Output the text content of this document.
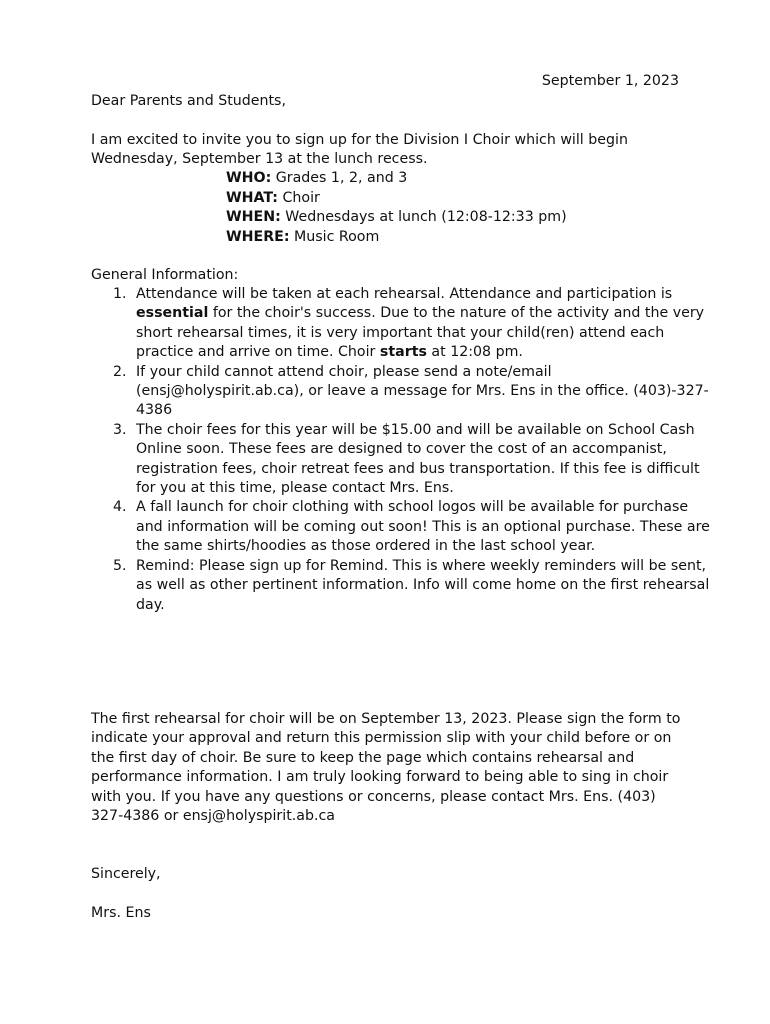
September 1, 2023
Dear Parents and Students,
I am excited to invite you to sign up for the Division I Choir which will begin Wednesday, September 13 at the lunch recess.
WHO: Grades 1, 2, and 3
WHAT: Choir
WHEN: Wednesdays at lunch (12:08-12:33 pm)
WHERE: Music Room
General Information:
1. Attendance will be taken at each rehearsal. Attendance and participation is essential for the choir's success. Due to the nature of the activity and the very short rehearsal times, it is very important that your child(ren) attend each practice and arrive on time. Choir starts at 12:08 pm.
2. If your child cannot attend choir, please send a note/email (ensj@holyspirit.ab.ca), or leave a message for Mrs. Ens in the office. (403)-327-4386
3. The choir fees for this year will be $15.00 and will be available on School Cash Online soon. These fees are designed to cover the cost of an accompanist, registration fees, choir retreat fees and bus transportation. If this fee is difficult for you at this time, please contact Mrs. Ens.
4. A fall launch for choir clothing with school logos will be available for purchase and information will be coming out soon! This is an optional purchase. These are the same shirts/hoodies as those ordered in the last school year.
5. Remind: Please sign up for Remind. This is where weekly reminders will be sent, as well as other pertinent information. Info will come home on the first rehearsal day.
The first rehearsal for choir will be on September 13, 2023. Please sign the form to indicate your approval and return this permission slip with your child before or on the first day of choir. Be sure to keep the page which contains rehearsal and performance information. I am truly looking forward to being able to sing in choir with you. If you have any questions or concerns, please contact Mrs. Ens. (403) 327-4386 or ensj@holyspirit.ab.ca
Sincerely,
Mrs. Ens
